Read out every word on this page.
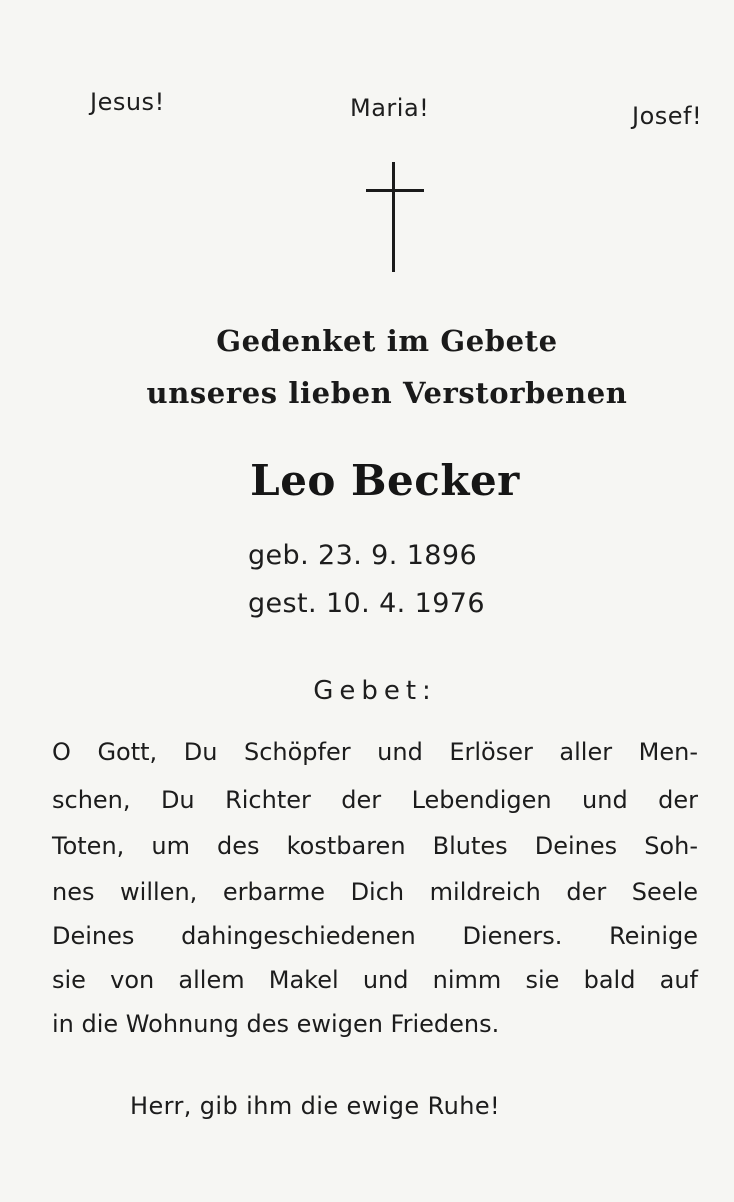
Jesus!	Maria!	Josef!
Gedenket im Gebete
unseres lieben Verstorbenen
Leo Becker
geb. 23. 9. 1896
gest. 10. 4. 1976
Gebet:
O Gott, Du Schöpfer und Erlöser aller Men-
schen, Du Richter der Lebendigen und der
Toten, um des kostbaren Blutes Deines Soh-
nes willen, erbarme Dich mildreich der Seele
Deines dahingeschiedenen Dieners. Reinige
sie von allem Makel und nimm sie bald auf
in die Wohnung des ewigen Friedens.
Herr, gib ihm die ewige Ruhe!
